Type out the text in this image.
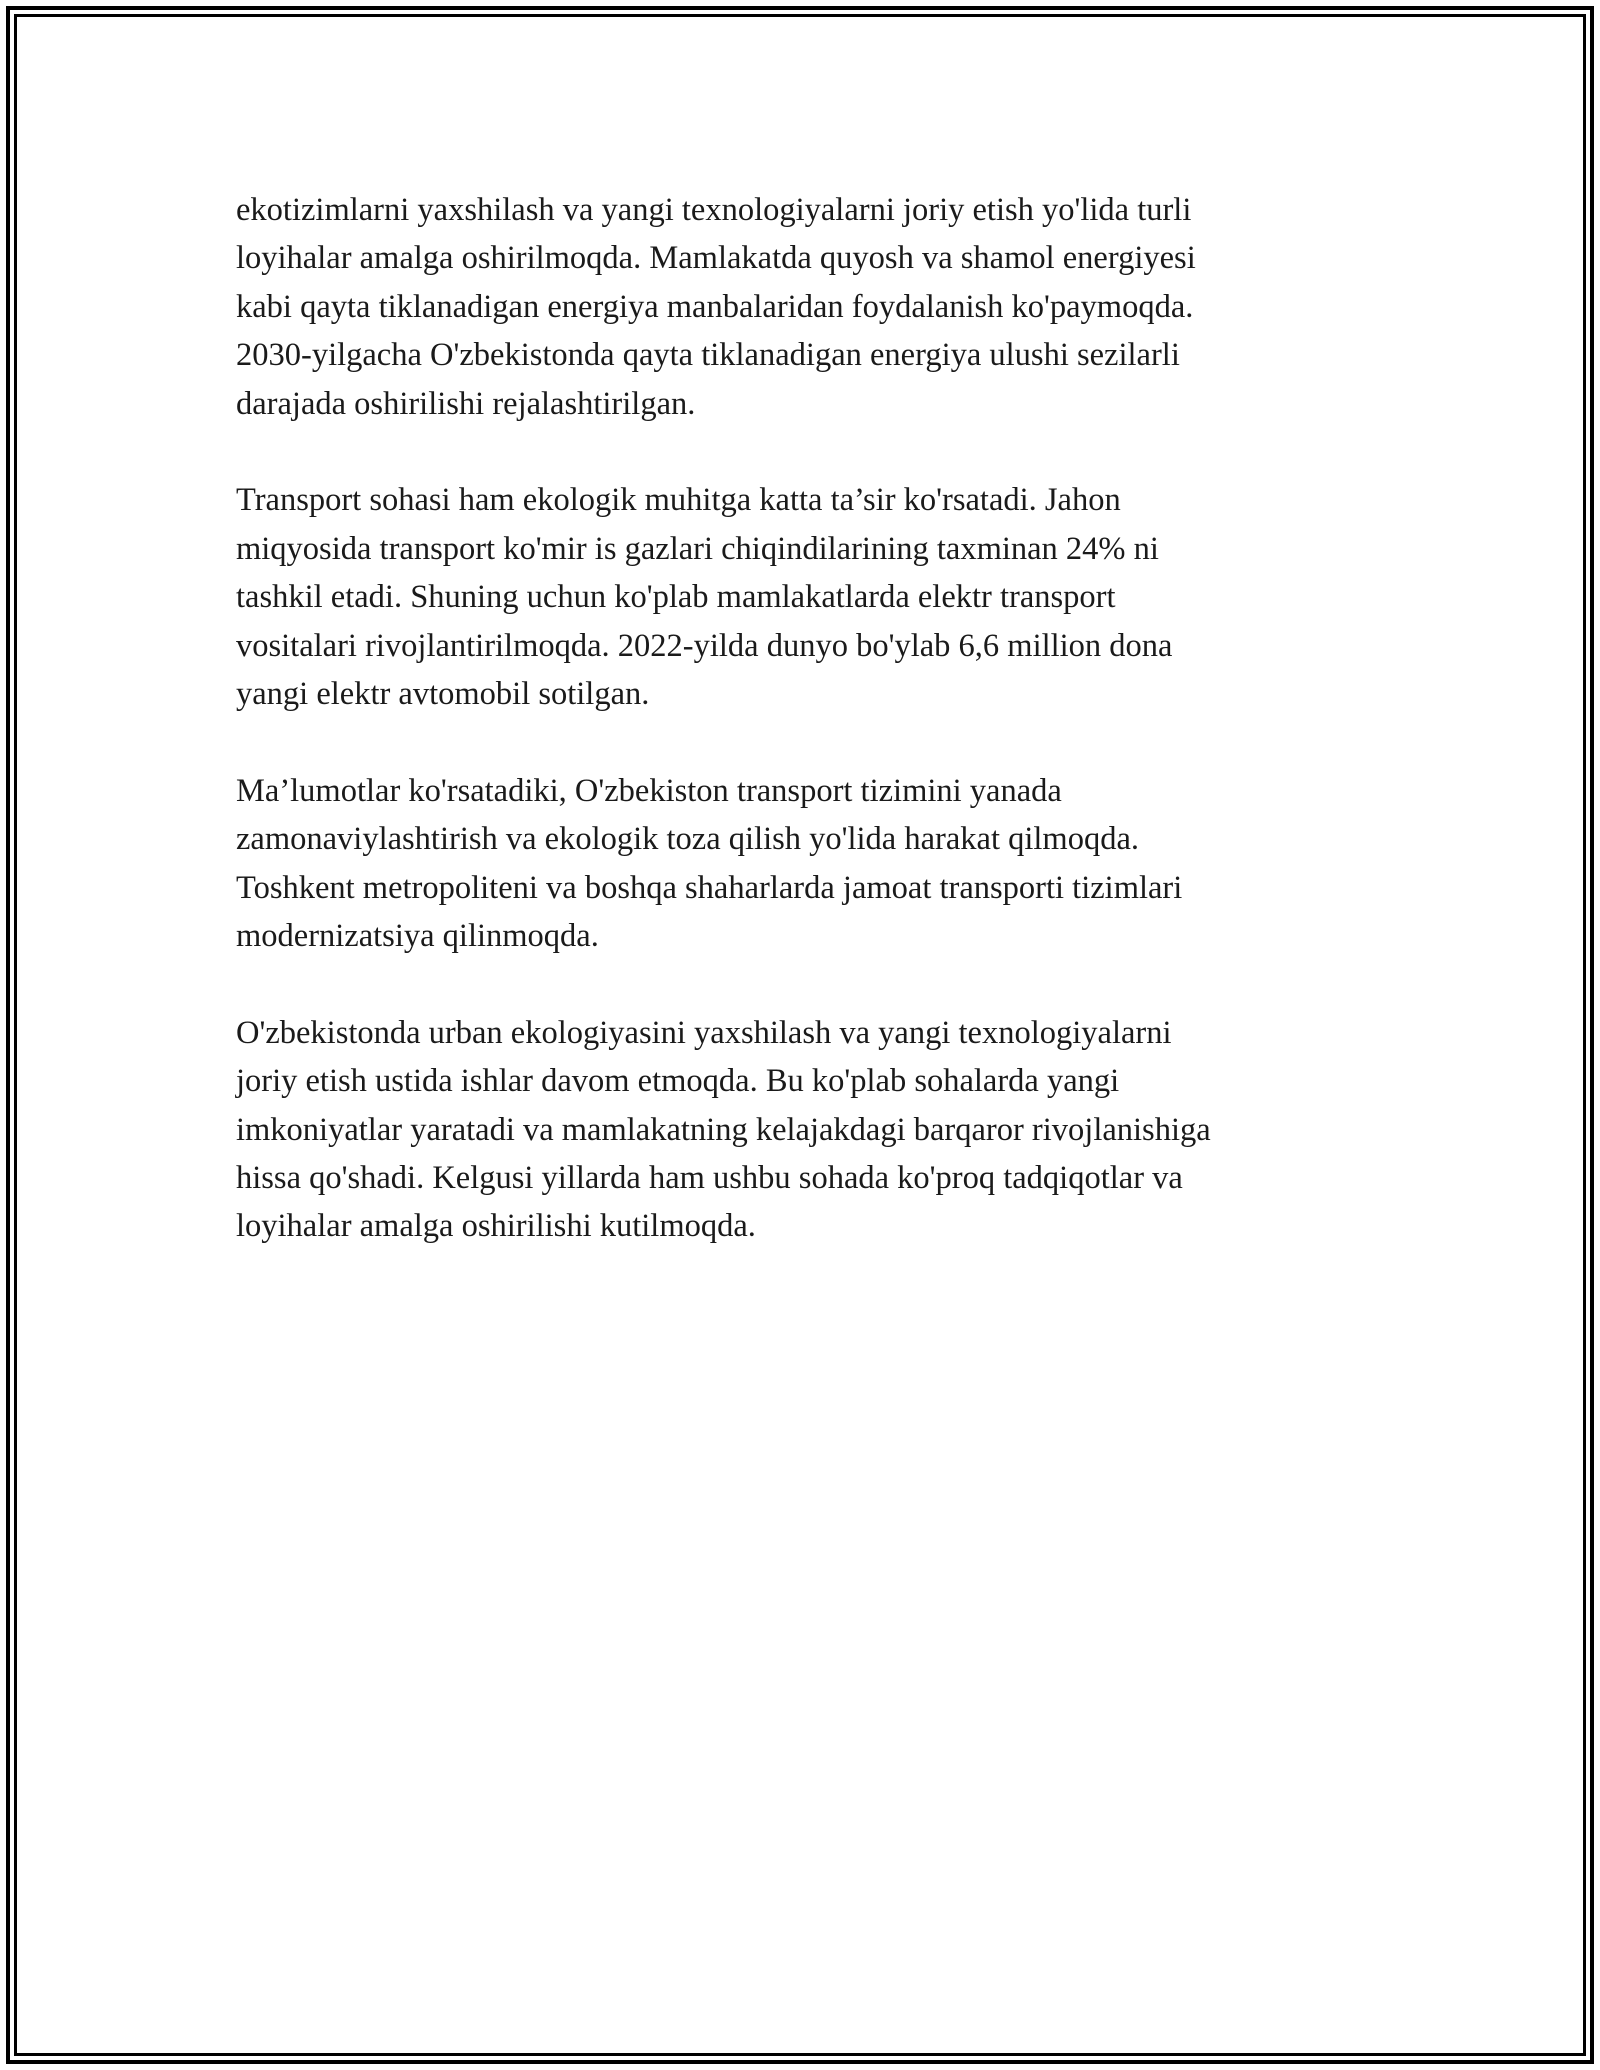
ekotizimlarni yaxshilash va yangi texnologiyalarni joriy etish yo'lida turli
loyihalar amalga oshirilmoqda. Mamlakatda quyosh va shamol energiyesi
kabi qayta tiklanadigan energiya manbalaridan foydalanish ko'paymoqda.
2030-yilgacha O'zbekistonda qayta tiklanadigan energiya ulushi sezilarli
darajada oshirilishi rejalashtirilgan.

Transport sohasi ham ekologik muhitga katta ta’sir ko'rsatadi. Jahon
miqyosida transport ko'mir is gazlari chiqindilarining taxminan 24% ni
tashkil etadi. Shuning uchun ko'plab mamlakatlarda elektr transport
vositalari rivojlantirilmoqda. 2022-yilda dunyo bo'ylab 6,6 million dona
yangi elektr avtomobil sotilgan.

Ma’lumotlar ko'rsatadiki, O'zbekiston transport tizimini yanada
zamonaviylashtirish va ekologik toza qilish yo'lida harakat qilmoqda.
Toshkent metropoliteni va boshqa shaharlarda jamoat transporti tizimlari
modernizatsiya qilinmoqda.

O'zbekistonda urban ekologiyasini yaxshilash va yangi texnologiyalarni
joriy etish ustida ishlar davom etmoqda. Bu ko'plab sohalarda yangi
imkoniyatlar yaratadi va mamlakatning kelajakdagi barqaror rivojlanishiga
hissa qo'shadi. Kelgusi yillarda ham ushbu sohada ko'proq tadqiqotlar va
loyihalar amalga oshirilishi kutilmoqda.
